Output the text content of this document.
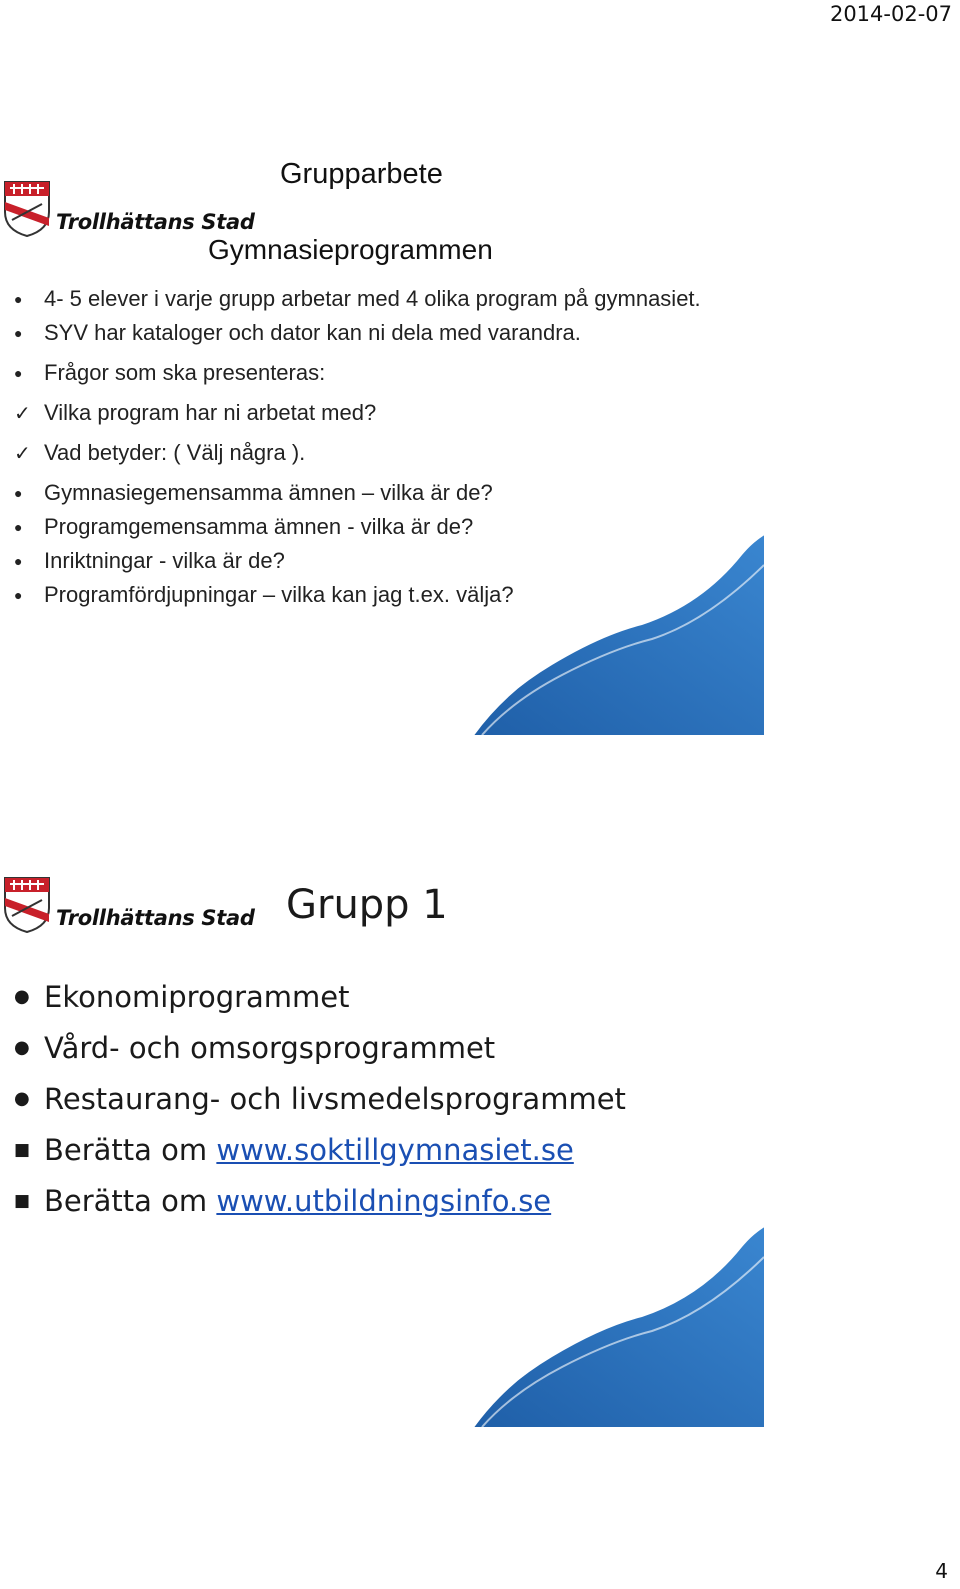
2014-02-07
Trollhättans Stad
Grupparbete
Gymnasieprogrammen
● 4- 5 elever i varje grupp arbetar med 4 olika program på gymnasiet.
● SYV har kataloger och dator kan ni dela med varandra.
● Frågor som ska presenteras:
✓ Vilka program har ni arbetat med?
✓ Vad betyder: ( Välj några ).
● Gymnasiegemensamma ämnen – vilka är de?
● Programgemensamma ämnen - vilka är de?
● Inriktningar - vilka är de?
● Programfördjupningar – vilka kan jag t.ex. välja?
Trollhättans Stad Grupp 1
● Ekonomiprogrammet
● Vård- och omsorgsprogrammet
● Restaurang- och livsmedelsprogrammet
■ Berätta om www.soktillgymnasiet.se
■ Berätta om www.utbildningsinfo.se
4
